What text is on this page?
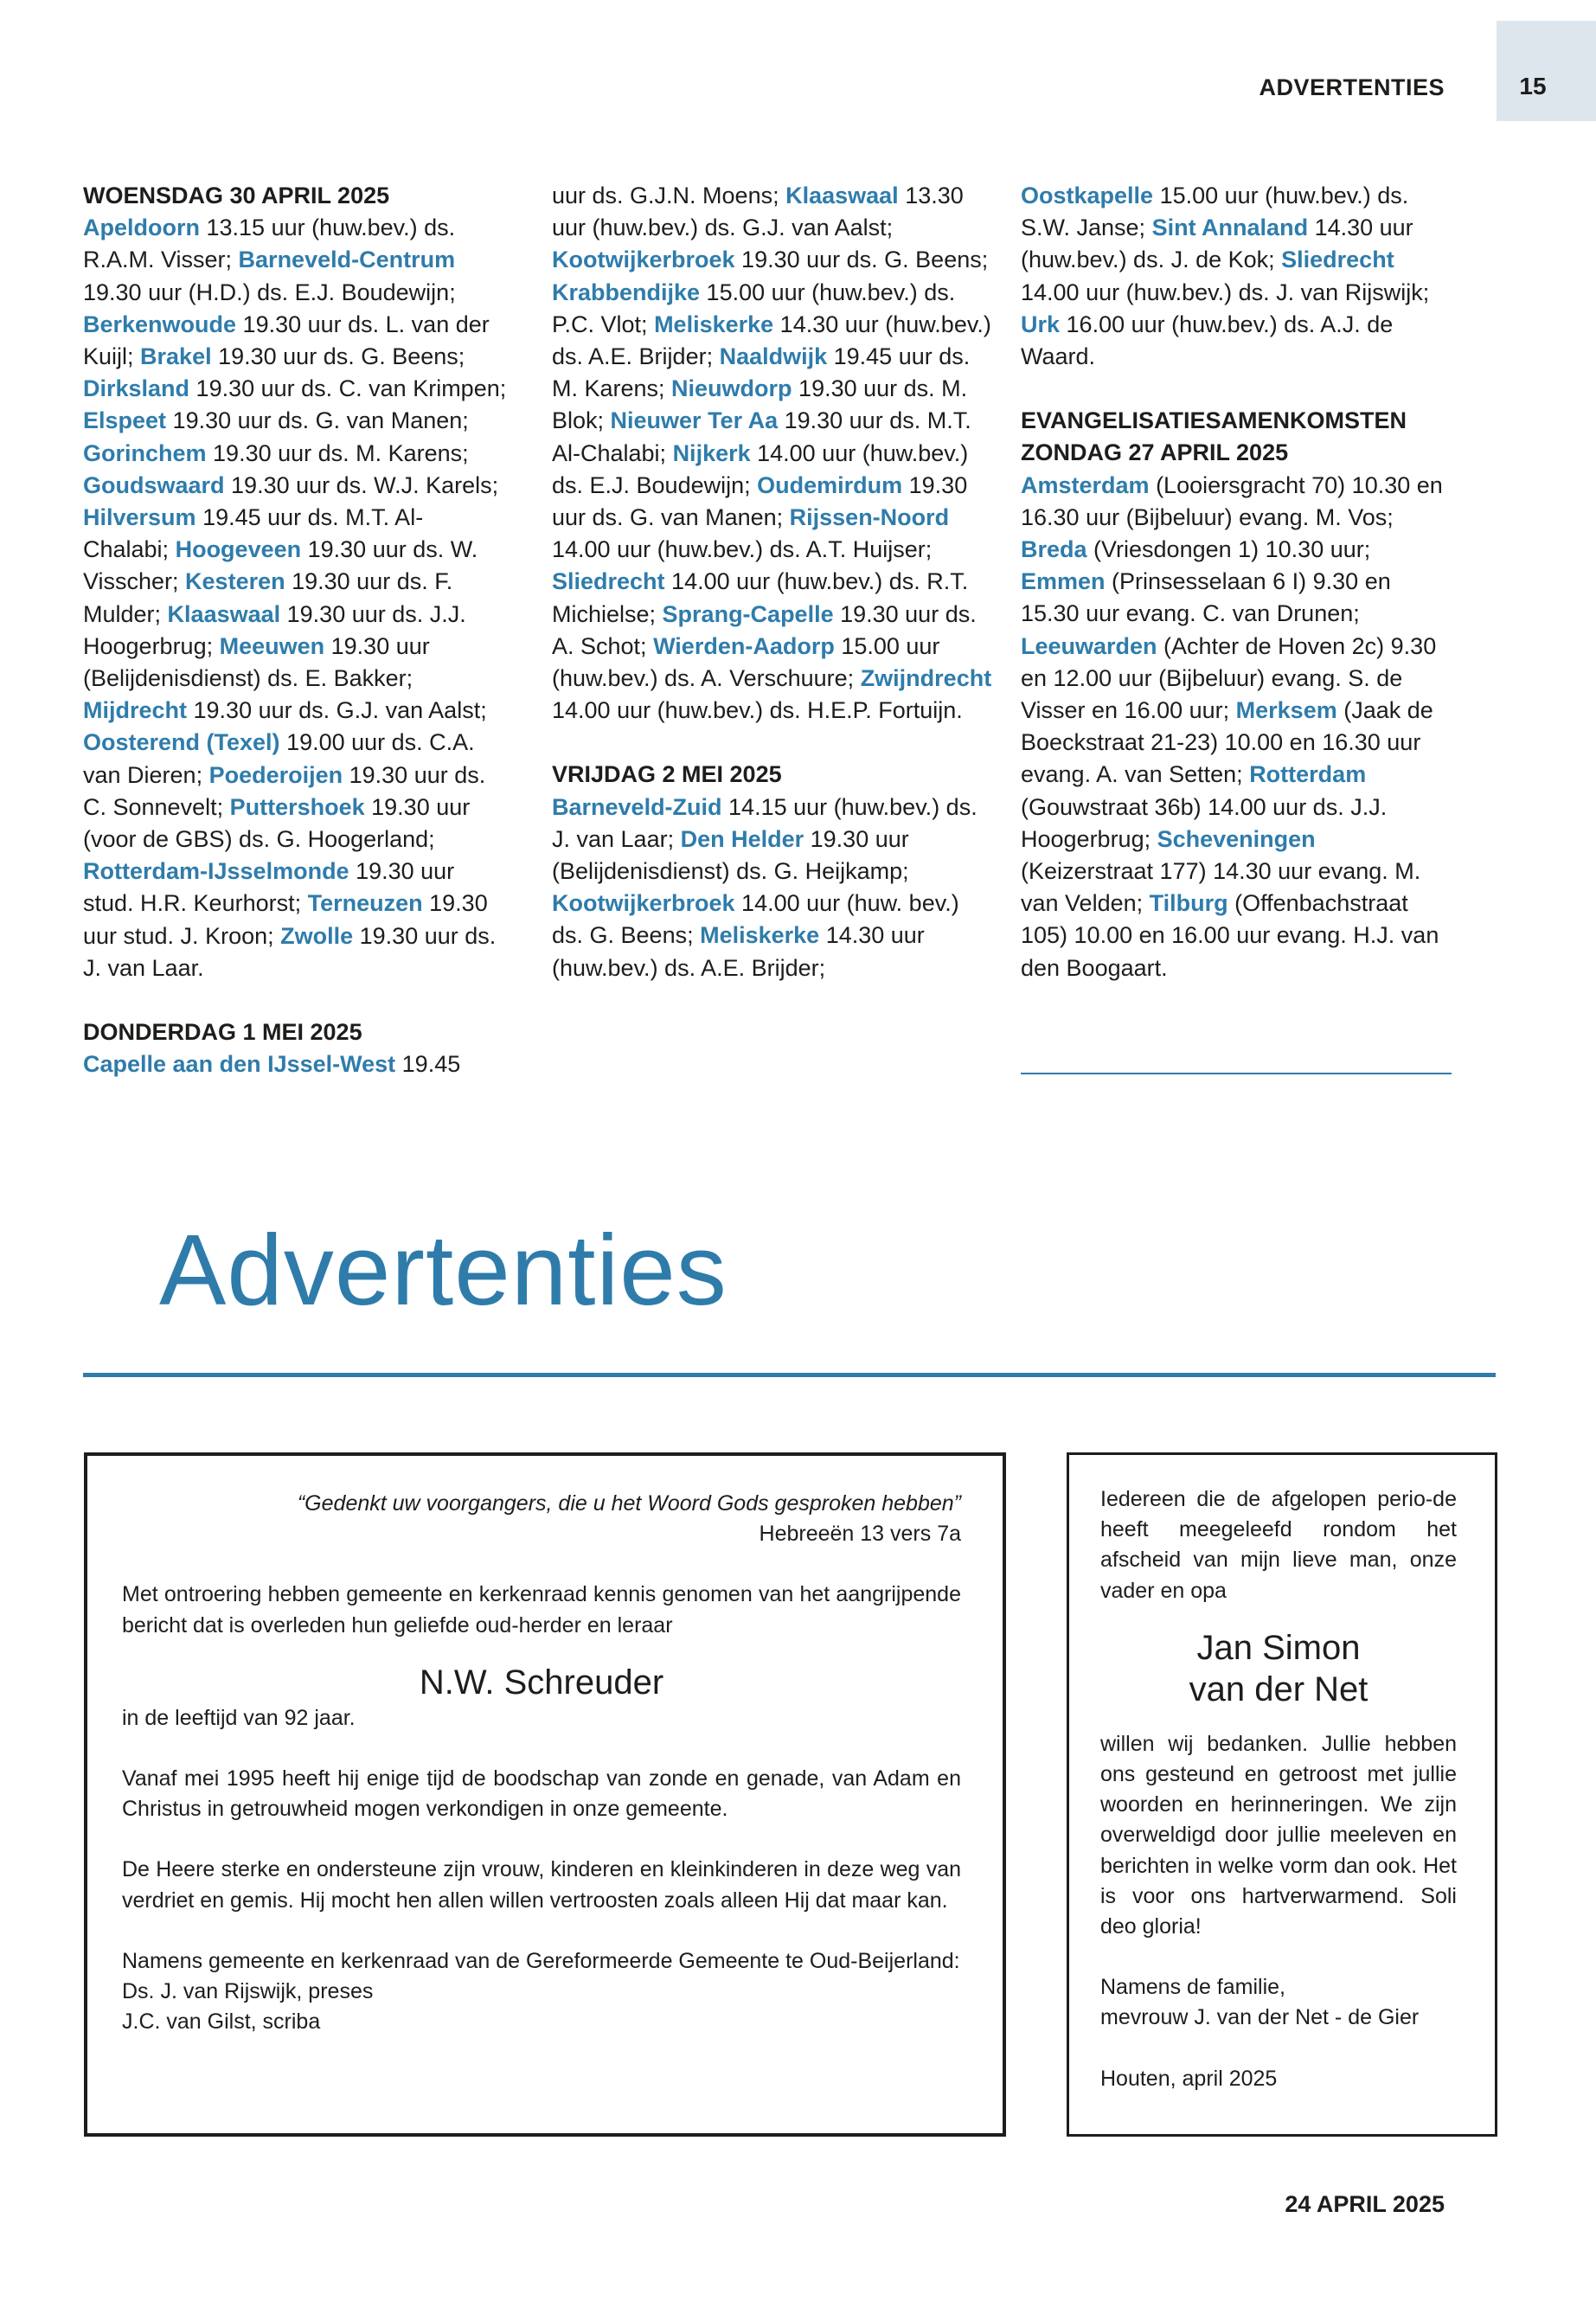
ADVERTENTIES	15
WOENSDAG 30 APRIL 2025

Apeldoorn 13.15 uur (huw.bev.) ds. R.A.M. Visser; Barneveld-Centrum 19.30 uur (H.D.) ds. E.J. Boudewijn; Berkenwoude 19.30 uur ds. L. van der Kuijl; Brakel 19.30 uur ds. G. Beens; Dirksland 19.30 uur ds. C. van Krimpen; Elspeet 19.30 uur ds. G. van Manen; Gorinchem 19.30 uur ds. M. Karens; Goudswaard 19.30 uur ds. W.J. Karels; Hilversum 19.45 uur ds. M.T. Al-Chalabi; Hoogeveen 19.30 uur ds. W. Visscher; Kesteren 19.30 uur ds. F. Mulder; Klaaswaal 19.30 uur ds. J.J. Hoogerbrug; Meeuwen 19.30 uur (Belijdenisdienst) ds. E. Bakker; Mijdrecht 19.30 uur ds. G.J. van Aalst; Oosterend (Texel) 19.00 uur ds. C.A. van Dieren; Poederoijen 19.30 uur ds. C. Sonnevelt; Puttershoek 19.30 uur (voor de GBS) ds. G. Hoogerland; Rotterdam-IJsselmonde 19.30 uur stud. H.R. Keurhorst; Terneuzen 19.30 uur stud. J. Kroon; Zwolle 19.30 uur ds. J. van Laar.

DONDERDAG 1 MEI 2025

Capelle aan den IJssel-West 19.45

uur ds. G.J.N. Moens; Klaaswaal 13.30 uur (huw.bev.) ds. G.J. van Aalst; Kootwijkerbroek 19.30 uur ds. G. Beens; Krabbendijke 15.00 uur (huw.bev.) ds. P.C. Vlot; Meliskerke 14.30 uur (huw.bev.) ds. A.E. Brijder; Naaldwijk 19.45 uur ds. M. Karens; Nieuwdorp 19.30 uur ds. M. Blok; Nieuwer Ter Aa 19.30 uur ds. M.T. Al-Chalabi; Nijkerk 14.00 uur (huw.bev.) ds. E.J. Boudewijn; Oudemirdum 19.30 uur ds. G. van Manen; Rijssen-Noord 14.00 uur (huw.bev.) ds. A.T. Huijser; Sliedrecht 14.00 uur (huw.bev.) ds. R.T. Michielse; Sprang-Capelle 19.30 uur ds. A. Schot; Wierden-Aadorp 15.00 uur (huw.bev.) ds. A. Verschuure; Zwijndrecht 14.00 uur (huw.bev.) ds. H.E.P. Fortuijn.

VRIJDAG 2 MEI 2025

Barneveld-Zuid 14.15 uur (huw.bev.) ds. J. van Laar; Den Helder 19.30 uur (Belijdenisdienst) ds. G. Heijkamp; Kootwijkerbroek 14.00 uur (huw. bev.) ds. G. Beens; Meliskerke 14.30 uur (huw.bev.) ds. A.E. Brijder;

Oostkapelle 15.00 uur (huw.bev.) ds. S.W. Janse; Sint Annaland 14.30 uur (huw.bev.) ds. J. de Kok; Sliedrecht 14.00 uur (huw.bev.) ds. J. van Rijswijk; Urk 16.00 uur (huw.bev.) ds. A.J. de Waard.

EVANGELISATIESAMENKOMSTEN
ZONDAG 27 APRIL 2025

Amsterdam (Looiersgracht 70) 10.30 en 16.30 uur (Bijbeluur) evang. M. Vos; Breda (Vriesdongen 1) 10.30 uur; Emmen (Prinsesselaan 6 I) 9.30 en 15.30 uur evang. C. van Drunen; Leeuwarden (Achter de Hoven 2c) 9.30 en 12.00 uur (Bijbeluur) evang. S. de Visser en 16.00 uur; Merksem (Jaak de Boeckstraat 21-23) 10.00 en 16.30 uur evang. A. van Setten; Rotterdam (Gouwstraat 36b) 14.00 uur ds. J.J. Hoogerbrug; Scheveningen (Keizerstraat 177) 14.30 uur evang. M. van Velden; Tilburg (Offenbachstraat 105) 10.00 en 16.00 uur evang. H.J. van den Boogaart.

Advertenties

“Gedenkt uw voorgangers, die u het Woord Gods gesproken hebben”

Hebreeën 13 vers 7a

Met ontroering hebben gemeente en kerkenraad kennis genomen van het aangrijpende bericht dat is overleden hun geliefde oud-herder en leraar

N.W. Schreuder

in de leeftijd van 92 jaar.

Vanaf mei 1995 heeft hij enige tijd de boodschap van zonde en genade, van Adam en Christus in getrouwheid mogen verkondigen in onze gemeente.

De Heere sterke en ondersteune zijn vrouw, kinderen en kleinkinderen in deze weg van verdriet en gemis. Hij mocht hen allen willen vertroosten zoals alleen Hij dat maar kan.

Namens gemeente en kerkenraad van de Gereformeerde Gemeente te Oud-Beijerland:

Ds. J. van Rijswijk, preses

J.C. van Gilst, scriba

Iedereen die de afgelopen perio-de heeft meegeleefd rondom het afscheid van mijn lieve man, onze vader en opa

Jan Simon
van der Net

willen wij bedanken. Jullie hebben ons gesteund en getroost met jullie woorden en herinneringen. We zijn overweldigd door jullie meeleven en berichten in welke vorm dan ook. Het is voor ons hartverwarmend. Soli deo gloria!

Namens de familie,

mevrouw J. van der Net - de Gier

Houten, april 2025

24 APRIL 2025
